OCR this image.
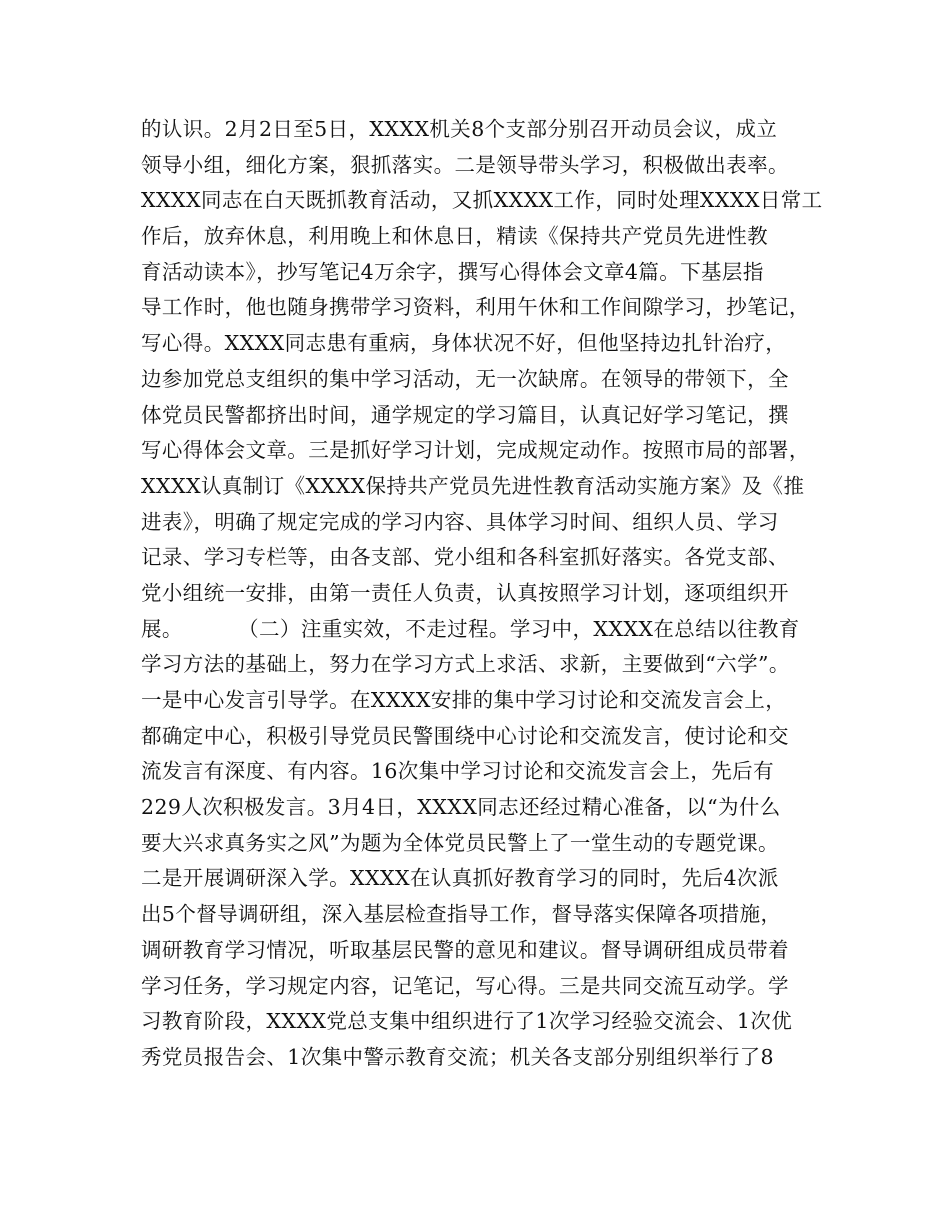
的认识。2月2日至5日，XXXX机关8个支部分别召开动员会议，成立
领导小组，细化方案，狠抓落实。二是领导带头学习，积极做出表率。
XXXX同志在白天既抓教育活动，又抓XXXX工作，同时处理XXXX日常工
作后，放弃休息，利用晚上和休息日，精读《保持共产党员先进性教
育活动读本》，抄写笔记4万余字，撰写心得体会文章4篇。下基层指
导工作时，他也随身携带学习资料，利用午休和工作间隙学习，抄笔记，
写心得。XXXX同志患有重病，身体状况不好，但他坚持边扎针治疗，
边参加党总支组织的集中学习活动，无一次缺席。在领导的带领下，全
体党员民警都挤出时间，通学规定的学习篇目，认真记好学习笔记，撰
写心得体会文章。三是抓好学习计划，完成规定动作。按照市局的部署，
XXXX认真制订《XXXX保持共产党员先进性教育活动实施方案》及《推
进表》，明确了规定完成的学习内容、具体学习时间、组织人员、学习
记录、学习专栏等，由各支部、党小组和各科室抓好落实。各党支部、
党小组统一安排，由第一责任人负责，认真按照学习计划，逐项组织开
展。        （二）注重实效，不走过程。学习中，XXXX在总结以往教育
学习方法的基础上，努力在学习方式上求活、求新，主要做到“六学”。
一是中心发言引导学。在XXXX安排的集中学习讨论和交流发言会上，
都确定中心，积极引导党员民警围绕中心讨论和交流发言，使讨论和交
流发言有深度、有内容。16次集中学习讨论和交流发言会上，先后有
229人次积极发言。3月4日，XXXX同志还经过精心准备，以“为什么
要大兴求真务实之风”为题为全体党员民警上了一堂生动的专题党课。
二是开展调研深入学。XXXX在认真抓好教育学习的同时，先后4次派
出5个督导调研组，深入基层检查指导工作，督导落实保障各项措施，
调研教育学习情况，听取基层民警的意见和建议。督导调研组成员带着
学习任务，学习规定内容，记笔记，写心得。三是共同交流互动学。学
习教育阶段，XXXX党总支集中组织进行了1次学习经验交流会、1次优
秀党员报告会、1次集中警示教育交流；机关各支部分别组织举行了8
